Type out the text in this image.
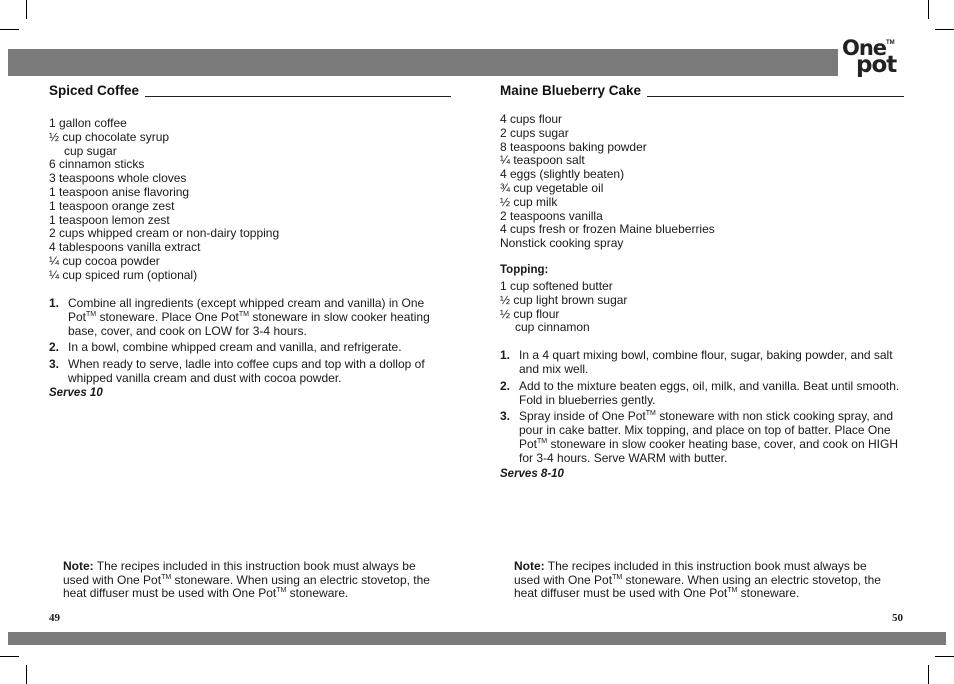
One TM
pot
Spiced Coffee
1 gallon coffee
½ cup chocolate syrup
cup sugar
6 cinnamon sticks
3 teaspoons whole cloves
1 teaspoon anise flavoring
1 teaspoon orange zest
1 teaspoon lemon zest
2 cups whipped cream or non-dairy topping
4 tablespoons vanilla extract
¼ cup cocoa powder
¼ cup spiced rum (optional)
1. Combine all ingredients (except whipped cream and vanilla) in One Pot™ stoneware. Place One Pot™ stoneware in slow cooker heating base, cover, and cook on LOW for 3-4 hours.
2. In a bowl, combine whipped cream and vanilla, and refrigerate.
3. When ready to serve, ladle into coffee cups and top with a dollop of whipped vanilla cream and dust with cocoa powder.
Serves 10
Maine Blueberry Cake
4 cups flour
2 cups sugar
8 teaspoons baking powder
¼ teaspoon salt
4 eggs (slightly beaten)
¾ cup vegetable oil
½ cup milk
2 teaspoons vanilla
4 cups fresh or frozen Maine blueberries
Nonstick cooking spray
Topping:
1 cup softened butter
½ cup light brown sugar
½ cup flour
cup cinnamon
1. In a 4 quart mixing bowl, combine flour, sugar, baking powder, and salt and mix well.
2. Add to the mixture beaten eggs, oil, milk, and vanilla. Beat until smooth. Fold in blueberries gently.
3. Spray inside of One Pot™ stoneware with non stick cooking spray, and pour in cake batter. Mix topping, and place on top of batter. Place One Pot™ stoneware in slow cooker heating base, cover, and cook on HIGH for 3-4 hours. Serve WARM with butter.
Serves 8-10
Note: The recipes included in this instruction book must always be used with One Pot™ stoneware. When using an electric stovetop, the heat diffuser must be used with One Pot™ stoneware.
Note: The recipes included in this instruction book must always be used with One Pot™ stoneware. When using an electric stovetop, the heat diffuser must be used with One Pot™ stoneware.
49	50
